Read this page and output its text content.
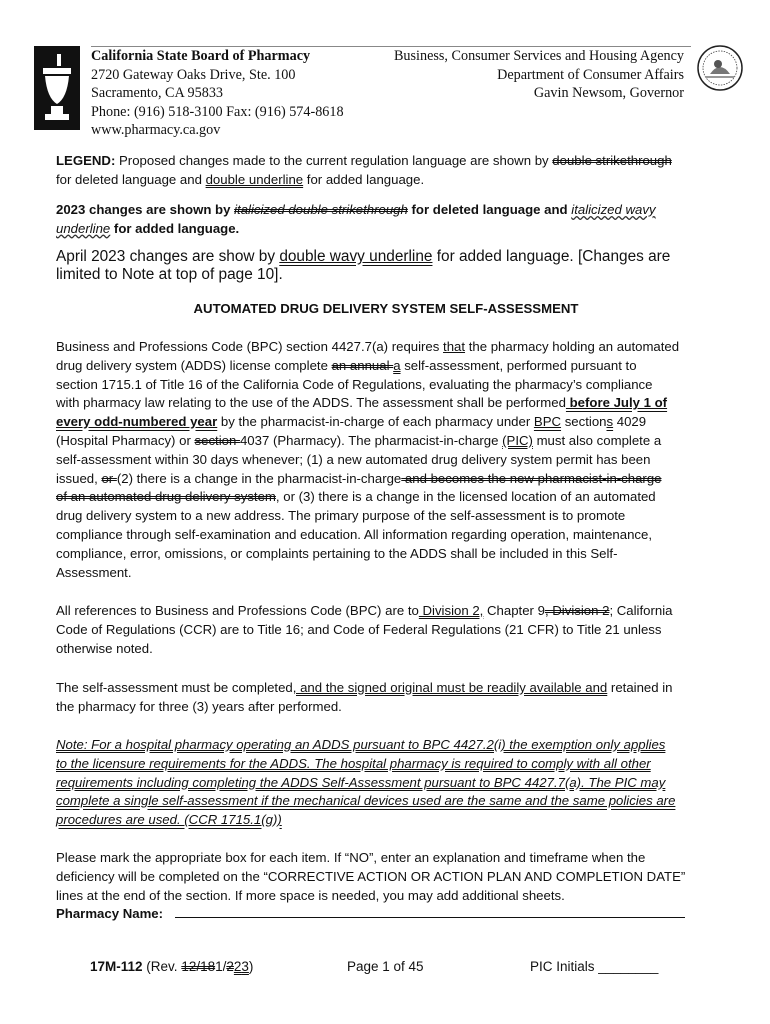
California State Board of Pharmacy
2720 Gateway Oaks Drive, Ste. 100
Sacramento, CA 95833
Phone: (916) 518-3100 Fax: (916) 574-8618
www.pharmacy.ca.gov
Business, Consumer Services and Housing Agency
Department of Consumer Affairs
Gavin Newsom, Governor
LEGEND: Proposed changes made to the current regulation language are shown by double strikethrough
for deleted language and double underline for added language.
2023 changes are shown by italicized double strikethrough for deleted language and italicized wavy
underline for added language.
April 2023 changes are show by double wavy underline for added language. [Changes are
limited to Note at top of page 10].
AUTOMATED DRUG DELIVERY SYSTEM SELF-ASSESSMENT
Business and Professions Code (BPC) section 4427.7(a) requires that the pharmacy holding an automated
drug delivery system (ADDS) license complete an annual a self-assessment, performed pursuant to
section 1715.1 of Title 16 of the California Code of Regulations, evaluating the pharmacy’s compliance
with pharmacy law relating to the use of the ADDS. The assessment shall be performed before July 1 of
every odd-numbered year by the pharmacist-in-charge of each pharmacy under BPC sections 4029
(Hospital Pharmacy) or section 4037 (Pharmacy). The pharmacist-in-charge (PIC) must also complete a
self-assessment within 30 days whenever; (1) a new automated drug delivery system permit has been
issued, or (2) there is a change in the pharmacist-in-charge and becomes the new pharmacist-in-charge
of an automated drug delivery system, or (3) there is a change in the licensed location of an automated
drug delivery system to a new address. The primary purpose of the self-assessment is to promote
compliance through self-examination and education. All information regarding operation, maintenance,
compliance, error, omissions, or complaints pertaining to the ADDS shall be included in this Self-
Assessment.
All references to Business and Professions Code (BPC) are to Division 2, Chapter 9, Division 2; California
Code of Regulations (CCR) are to Title 16; and Code of Federal Regulations (21 CFR) to Title 21 unless
otherwise noted.
The self-assessment must be completed, and the signed original must be readily available and retained in
the pharmacy for three (3) years after performed.
Note: For a hospital pharmacy operating an ADDS pursuant to BPC 4427.2(i) the exemption only applies
to the licensure requirements for the ADDS. The hospital pharmacy is required to comply with all other
requirements including completing the ADDS Self-Assessment pursuant to BPC 4427.7(a). The PIC may
complete a single self-assessment if the mechanical devices used are the same and the same policies are
procedures are used. (CCR 1715.1(g))
Please mark the appropriate box for each item. If “NO”, enter an explanation and timeframe when the
deficiency will be completed on the “CORRECTIVE ACTION OR ACTION PLAN AND COMPLETION DATE”
lines at the end of the section. If more space is needed, you may add additional sheets.
Pharmacy Name:
17M-112 (Rev. 12/181/223)	Page 1 of 45	PIC Initials ________
